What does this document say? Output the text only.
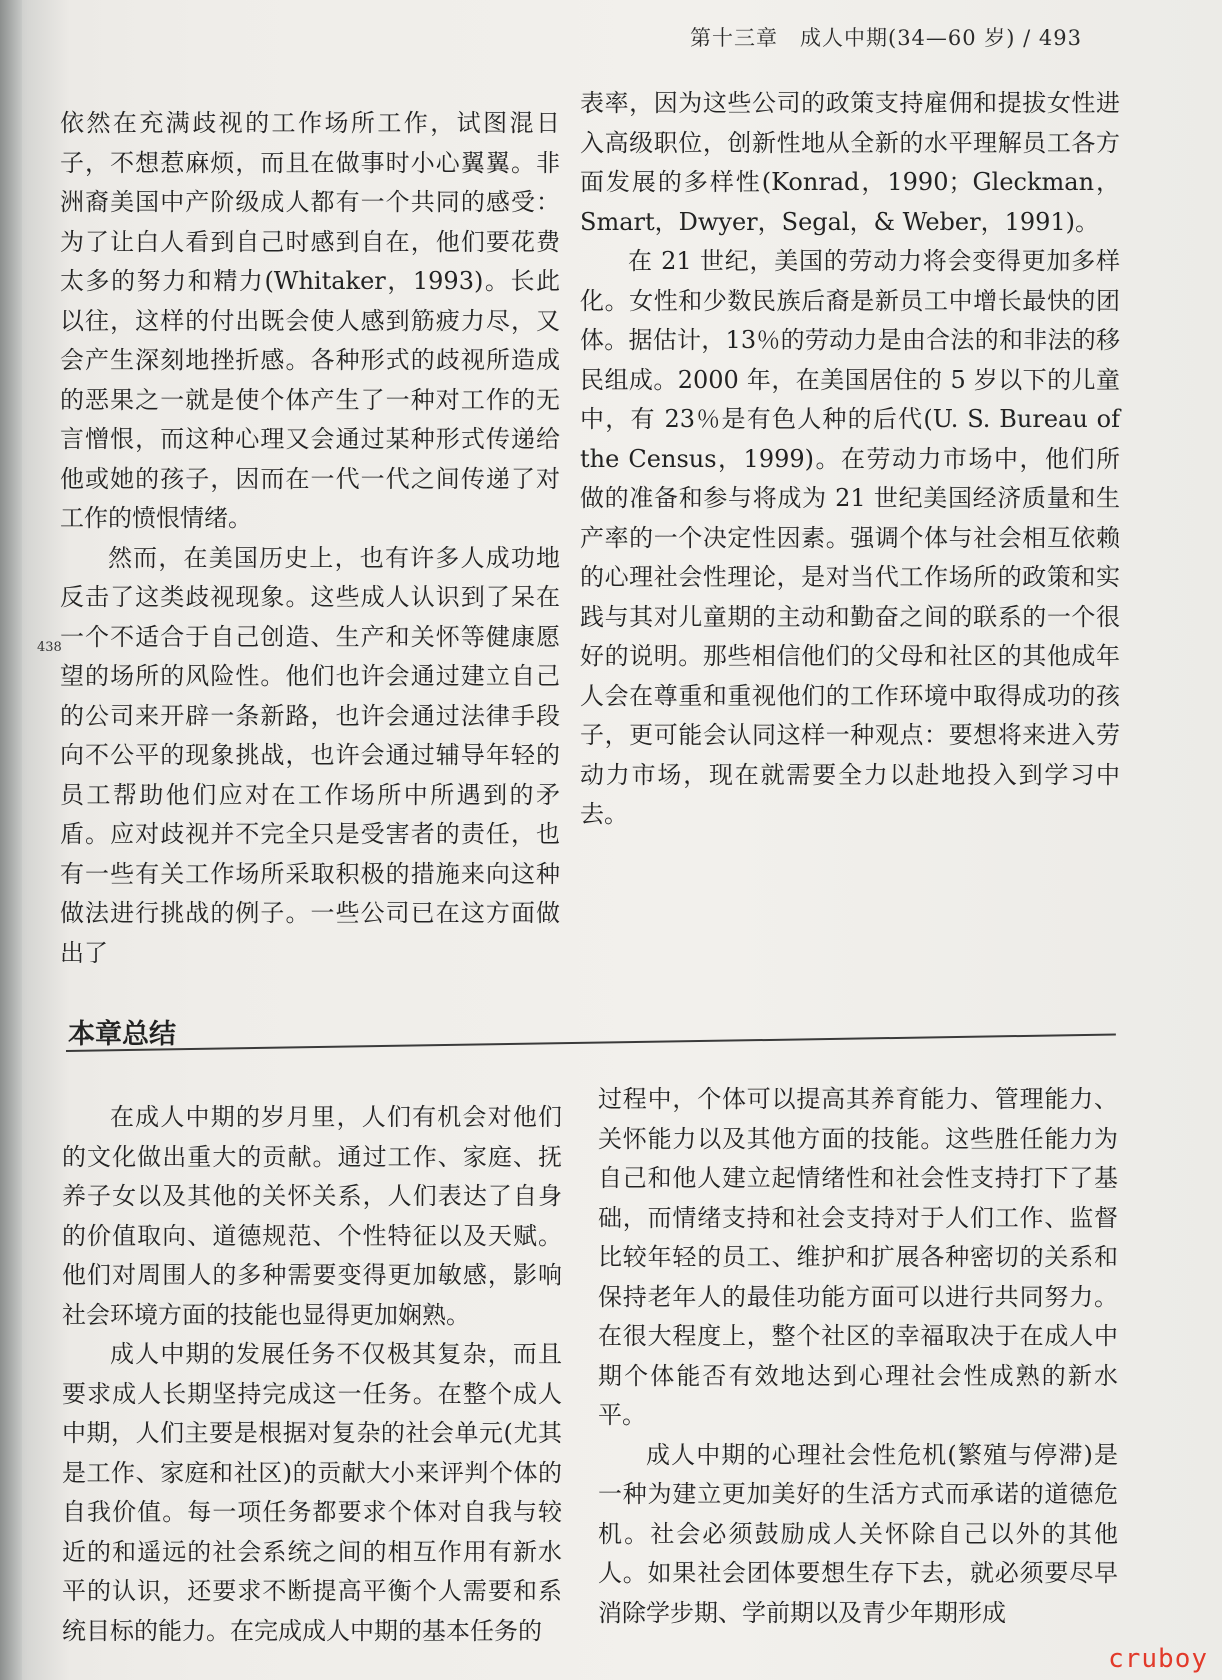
第十三章　成人中期(34—60 岁) / 493
438

依然在充满歧视的工作场所工作，试图混日子，不想惹麻烦，而且在做事时小心翼翼。非洲裔美国中产阶级成人都有一个共同的感受：为了让白人看到自己时感到自在，他们要花费太多的努力和精力(Whitaker，1993)。长此以往，这样的付出既会使人感到筋疲力尽，又会产生深刻地挫折感。各种形式的歧视所造成的恶果之一就是使个体产生了一种对工作的无言憎恨，而这种心理又会通过某种形式传递给他或她的孩子，因而在一代一代之间传递了对工作的愤恨情绪。

然而，在美国历史上，也有许多人成功地反击了这类歧视现象。这些成人认识到了呆在一个不适合于自己创造、生产和关怀等健康愿望的场所的风险性。他们也许会通过建立自己的公司来开辟一条新路，也许会通过法律手段向不公平的现象挑战，也许会通过辅导年轻的员工帮助他们应对在工作场所中所遇到的矛盾。应对歧视并不完全只是受害者的责任，也有一些有关工作场所采取积极的措施来向这种做法进行挑战的例子。一些公司已在这方面做出了

表率，因为这些公司的政策支持雇佣和提拔女性进入高级职位，创新性地从全新的水平理解员工各方面发展的多样性(Konrad，1990；Gleckman，Smart，Dwyer，Segal，& Weber，1991)。

在 21 世纪，美国的劳动力将会变得更加多样化。女性和少数民族后裔是新员工中增长最快的团体。据估计，13％的劳动力是由合法的和非法的移民组成。2000 年，在美国居住的 5 岁以下的儿童中，有 23％是有色人种的后代(U. S. Bureau of the Census，1999)。在劳动力市场中，他们所做的准备和参与将成为 21 世纪美国经济质量和生产率的一个决定性因素。强调个体与社会相互依赖的心理社会性理论，是对当代工作场所的政策和实践与其对儿童期的主动和勤奋之间的联系的一个很好的说明。那些相信他们的父母和社区的其他成年人会在尊重和重视他们的工作环境中取得成功的孩子，更可能会认同这样一种观点：要想将来进入劳动力市场，现在就需要全力以赴地投入到学习中去。

本章总结

在成人中期的岁月里，人们有机会对他们的文化做出重大的贡献。通过工作、家庭、抚养子女以及其他的关怀关系，人们表达了自身的价值取向、道德规范、个性特征以及天赋。他们对周围人的多种需要变得更加敏感，影响社会环境方面的技能也显得更加娴熟。

成人中期的发展任务不仅极其复杂，而且要求成人长期坚持完成这一任务。在整个成人中期，人们主要是根据对复杂的社会单元(尤其是工作、家庭和社区)的贡献大小来评判个体的自我价值。每一项任务都要求个体对自我与较近的和遥远的社会系统之间的相互作用有新水平的认识，还要求不断提高平衡个人需要和系统目标的能力。在完成成人中期的基本任务的

过程中，个体可以提高其养育能力、管理能力、关怀能力以及其他方面的技能。这些胜任能力为自己和他人建立起情绪性和社会性支持打下了基础，而情绪支持和社会支持对于人们工作、监督比较年轻的员工、维护和扩展各种密切的关系和保持老年人的最佳功能方面可以进行共同努力。在很大程度上，整个社区的幸福取决于在成人中期个体能否有效地达到心理社会性成熟的新水平。

成人中期的心理社会性危机(繁殖与停滞)是一种为建立更加美好的生活方式而承诺的道德危机。社会必须鼓励成人关怀除自己以外的其他人。如果社会团体要想生存下去，就必须要尽早消除学步期、学前期以及青少年期形成

cruboy
